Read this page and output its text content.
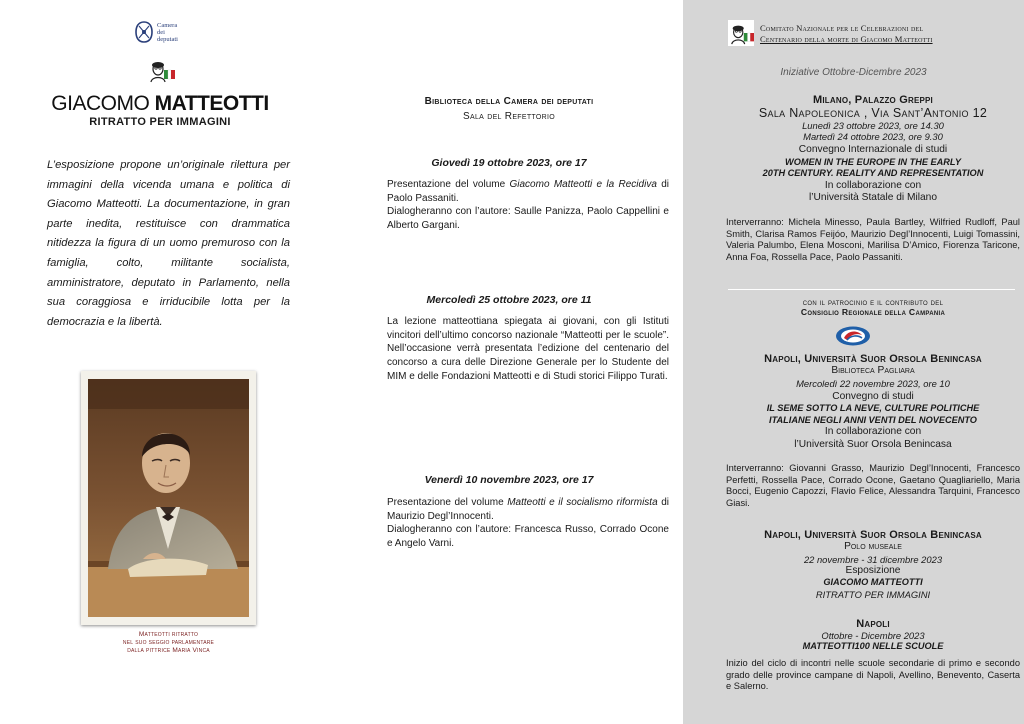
Camera
dei
deputati
GIACOMO MATTEOTTI
RITRATTO PER IMMAGINI
L’esposizione propone un’originale rilettura per immagini della vicenda umana e politica di Giacomo Matteotti. La documentazione, in gran parte inedita, restituisce con drammatica nitidezza la figura di un uomo premuroso con la famiglia, colto, militante socialista, amministratore, deputato in Parlamento, nella sua coraggiosa e irriducibile lotta per la democrazia e la libertà.
Matteotti ritratto
nel suo seggio parlamentare
dalla pittrice Maria Vinca
Biblioteca della Camera dei deputati
Sala del Refettorio
Giovedì 19 ottobre 2023, ore 17
Presentazione del volume Giacomo Matteotti e la Recidiva di Paolo Passaniti.
Dialogheranno con l’autore: Saulle Panizza, Paolo Cappellini e Alberto Gargani.
Mercoledì 25 ottobre 2023, ore 11
La lezione matteottiana spiegata ai giovani, con gli Istituti vincitori dell’ultimo concorso nazionale “Matteotti per le scuole”. Nell’occasione verrà presentata l’edizione del centenario del concorso a cura delle Direzione Generale per lo Studente del MIM e delle Fondazioni Matteotti e di Studi storici Filippo Turati.
Venerdì 10 novembre 2023, ore 17
Presentazione del volume Matteotti e il socialismo riformista di Maurizio Degl’Innocenti.
Dialogheranno con l’autore: Francesca Russo, Corrado Ocone e Angelo Varni.
Comitato Nazionale per le Celebrazioni del
Centenario della morte di Giacomo Matteotti
Iniziative Ottobre-Dicembre 2023
Milano, Palazzo Greppi
Sala Napoleonica , Via Sant’Antonio 12
Lunedì 23 ottobre 2023, ore 14.30
Martedì 24 ottobre 2023, ore 9.30
Convegno Internazionale di studi
WOMEN IN THE EUROPE IN THE EARLY
20TH CENTURY. REALITY AND REPRESENTATION
In collaborazione con
l’Università Statale di Milano
Interverranno: Michela Minesso, Paula Bartley, Wilfried Rudloff, Paul Smith, Clarisa Ramos Feijóo, Maurizio Degl’Innocenti, Luigi Tomassini, Valeria Palumbo, Elena Mosconi, Marilisa D’Amico, Fiorenza Taricone, Anna Foa, Rossella Pace, Paolo Passaniti.
con il patrocinio e il contributo del
Consiglio Regionale della Campania
Napoli, Università Suor Orsola Benincasa
Biblioteca Pagliara
Mercoledì 22 novembre 2023, ore 10
Convegno di studi
IL SEME SOTTO LA NEVE, CULTURE POLITICHE
ITALIANE NEGLI ANNI VENTI DEL NOVECENTO
In collaborazione con
l’Università Suor Orsola Benincasa
Interverranno: Giovanni Grasso, Maurizio Degl’Innocenti, Francesco Perfetti, Rossella Pace, Corrado Ocone, Gaetano Quagliariello, Maria Bocci, Eugenio Capozzi, Flavio Felice, Alessandra Tarquini, Francesco Giasi.
Napoli, Università Suor Orsola Benincasa
Polo museale
22 novembre - 31 dicembre 2023
Esposizione
GIACOMO MATTEOTTI
RITRATTO PER IMMAGINI
Napoli
Ottobre - Dicembre 2023
MATTEOTTI100 NELLE SCUOLE
Inizio del ciclo di incontri nelle scuole secondarie di primo e secondo grado delle province campane di Napoli, Avellino, Benevento, Caserta e Salerno.
